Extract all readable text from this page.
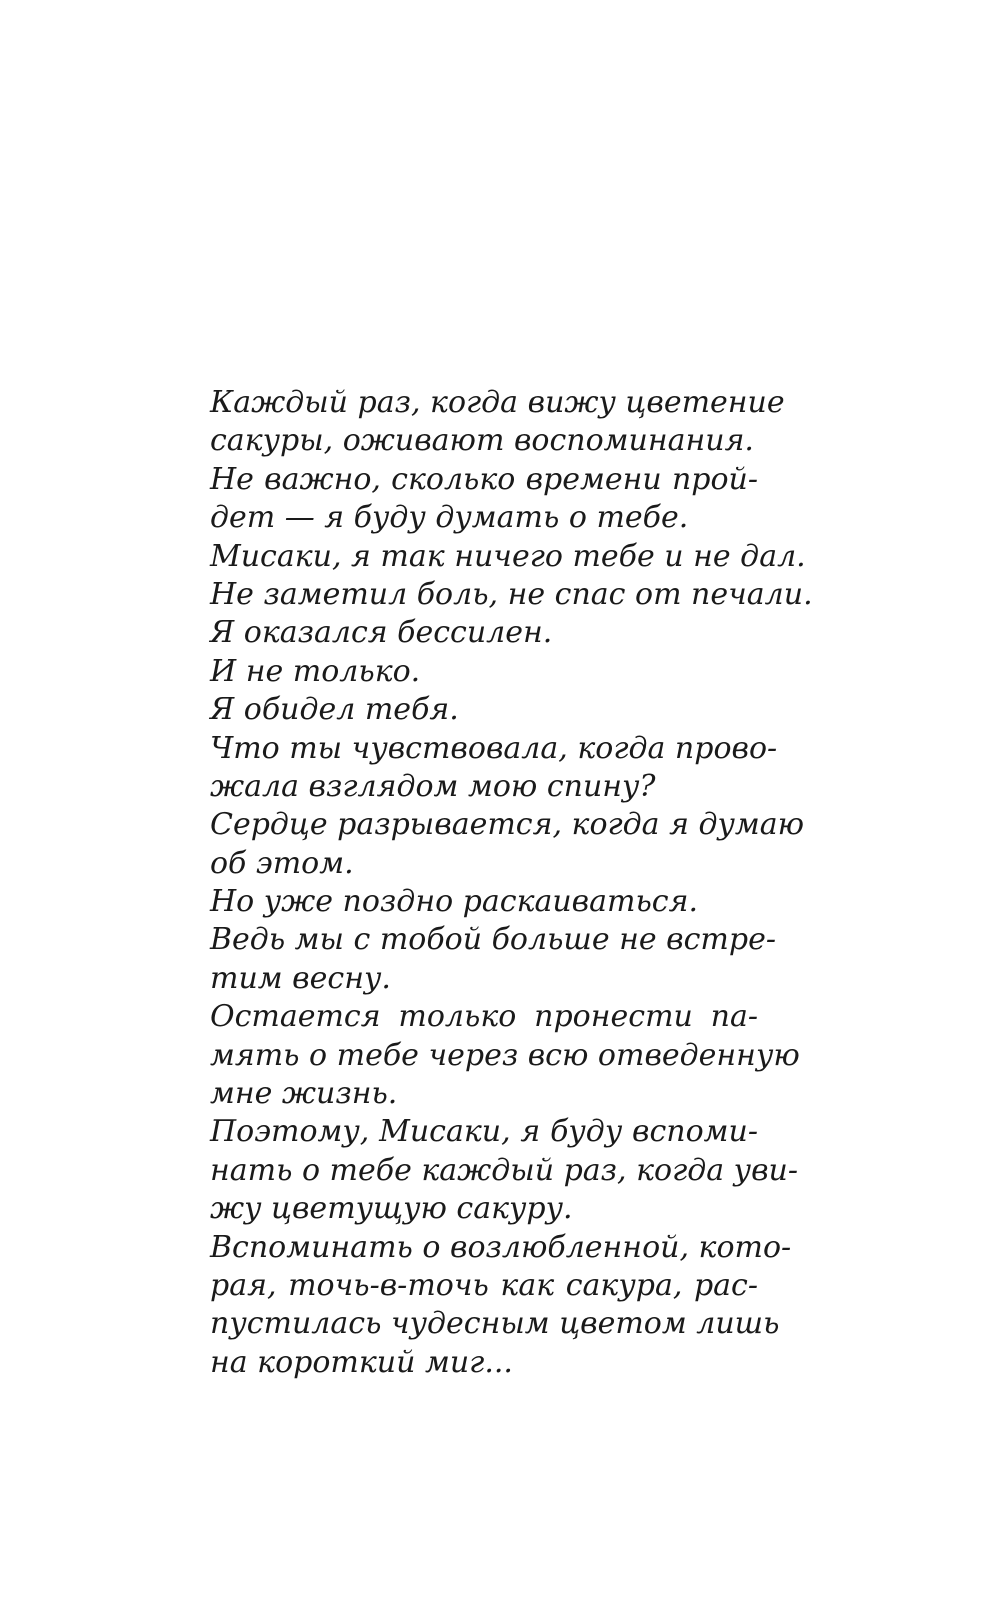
Каждый раз, когда вижу цветение
сакуры, оживают воспоминания.
Не важно, сколько времени прой-
дет — я буду думать о тебе.
Мисаки, я так ничего тебе и не дал.
Не заметил боль, не спас от печали.
Я оказался бессилен.
И не только.
Я обидел тебя.
Что ты чувствовала, когда прово-
жала взглядом мою спину?
Сердце разрывается, когда я думаю
об этом.
Но уже поздно раскаиваться.
Ведь мы с тобой больше не встре-
тим весну.
Остается только пронести па-
мять о тебе через всю отведенную
мне жизнь.
Поэтому, Мисаки, я буду вспоми-
нать о тебе каждый раз, когда уви-
жу цветущую сакуру.
Вспоминать о возлюбленной, кото-
рая, точь-в-точь как сакура, рас-
пустилась чудесным цветом лишь
на короткий миг...
